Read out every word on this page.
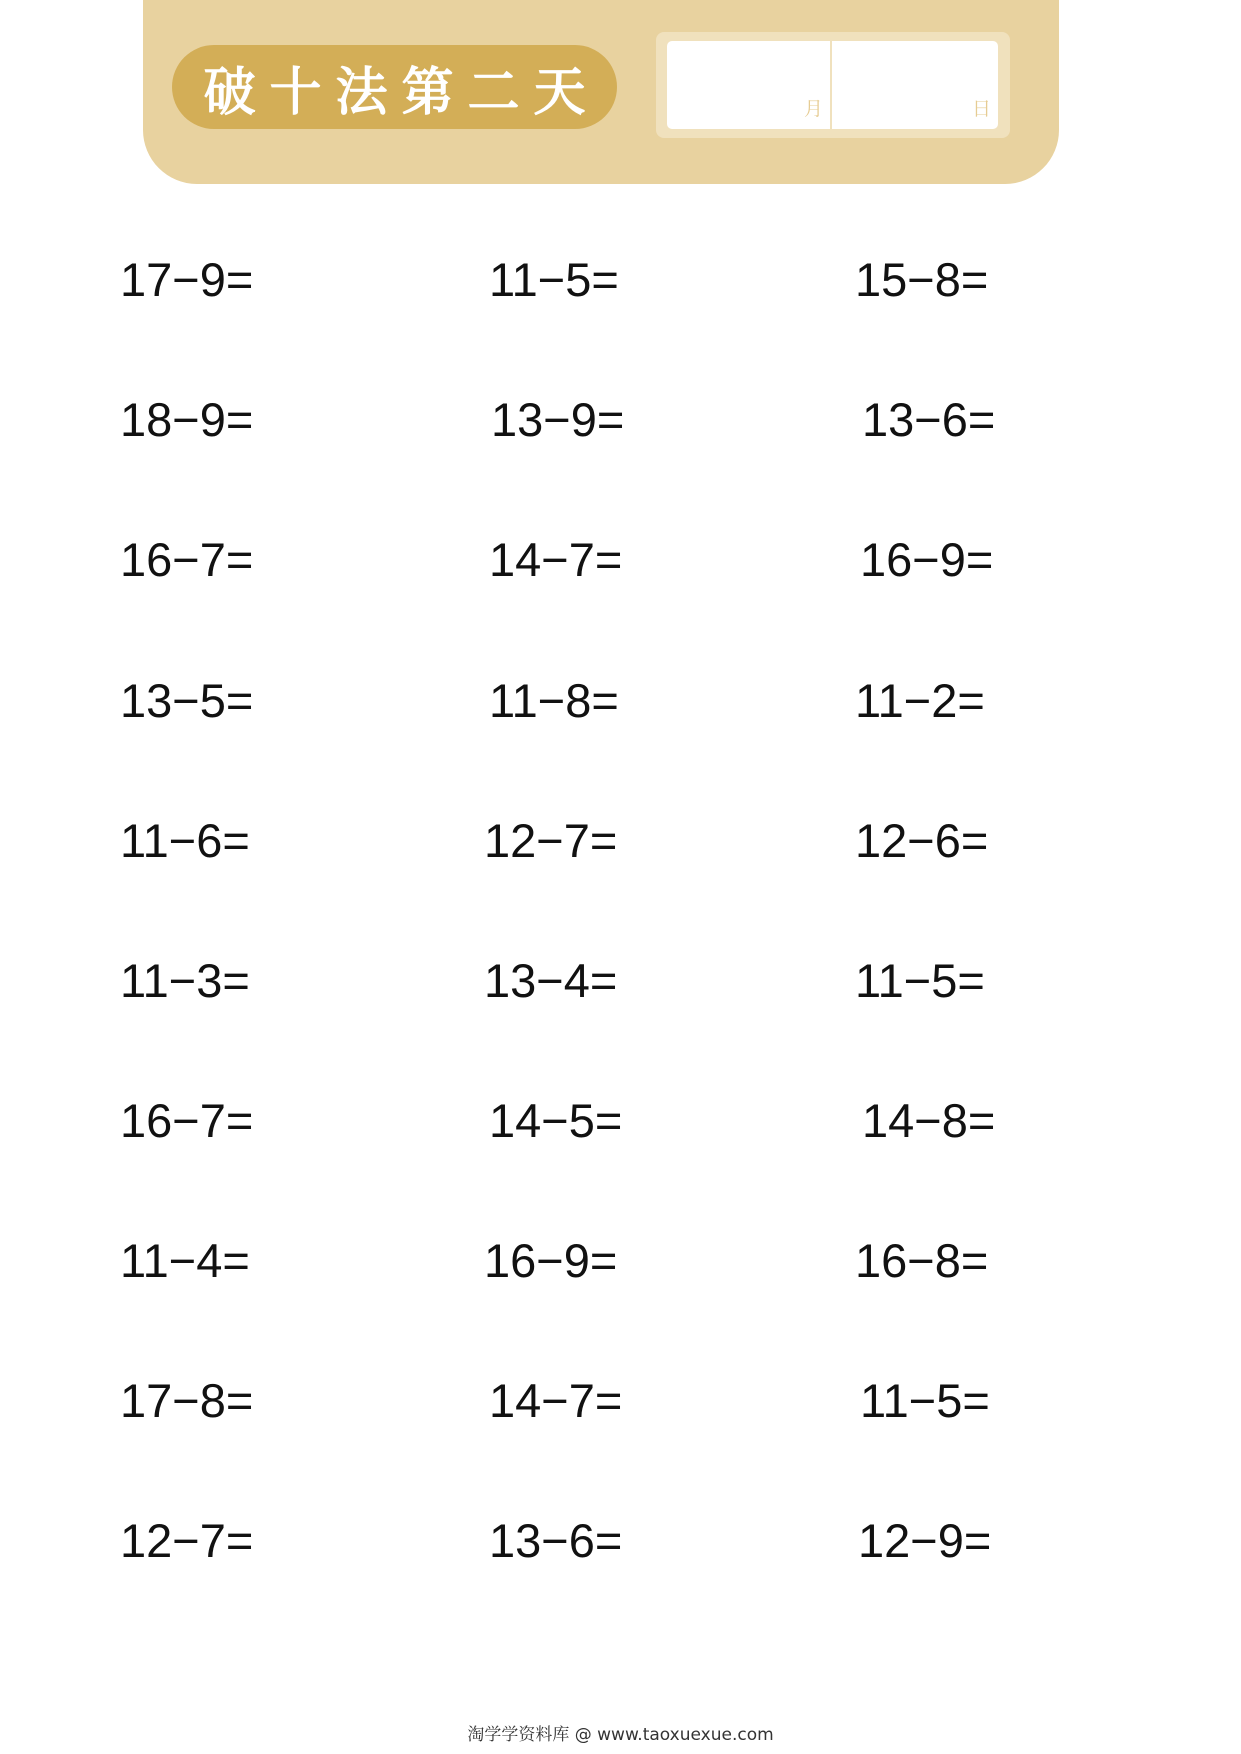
破十法第二天	月	日
17−9=	11−5=	15−8=
18−9=	13−9=	13−6=
16−7=	14−7=	16−9=
13−5=	11−8=	11−2=
11−6=	12−7=	12−6=
11−3=	13−4=	11−5=
16−7=	14−5=	14−8=
11−4=	16−9=	16−8=
17−8=	14−7=	11−5=
12−7=	13−6=	12−9=
淘学学资料库 @ www.taoxuexue.com
